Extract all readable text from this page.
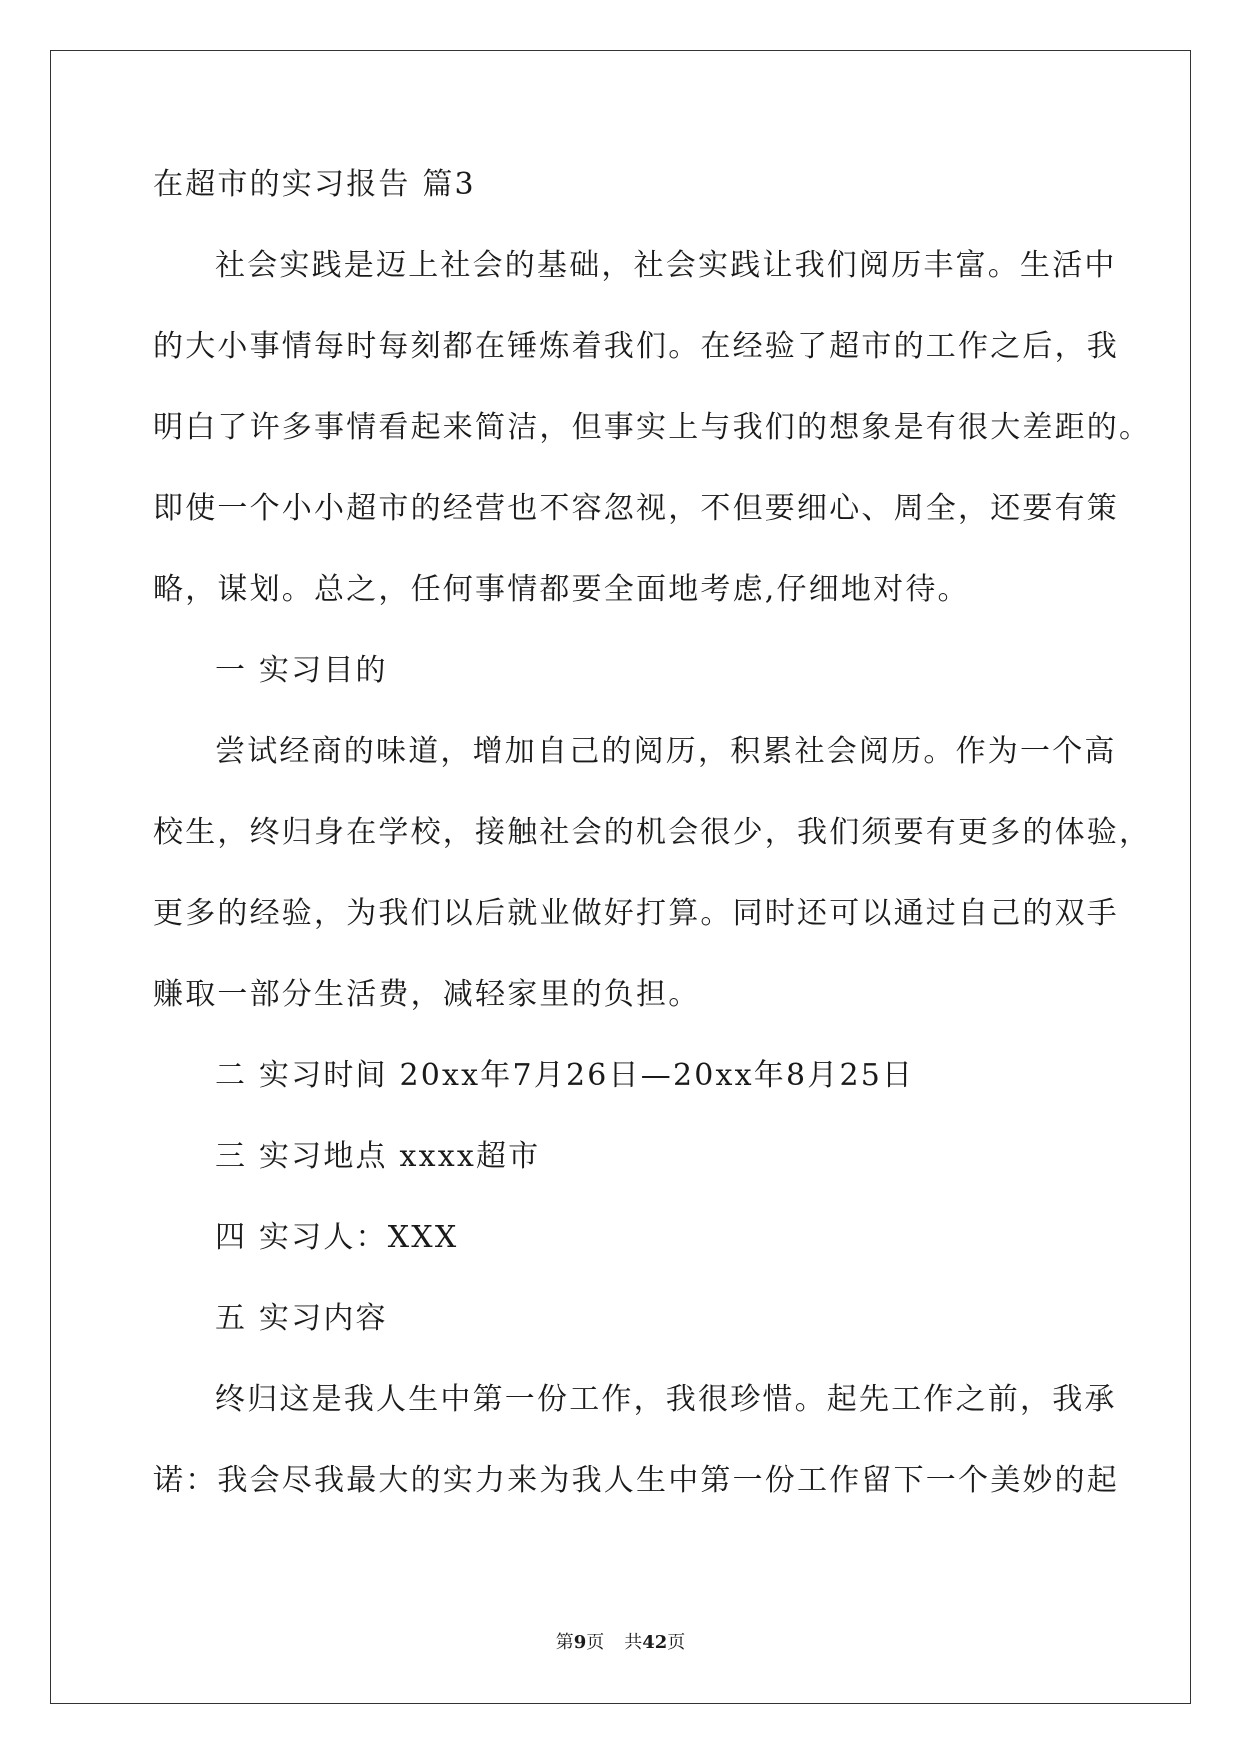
在超市的实习报告 篇3
社会实践是迈上社会的基础，社会实践让我们阅历丰富。生活中
的大小事情每时每刻都在锤炼着我们。在经验了超市的工作之后，我
明白了许多事情看起来简洁，但事实上与我们的想象是有很大差距的。
即使一个小小超市的经营也不容忽视，不但要细心、周全，还要有策
略，谋划。总之，任何事情都要全面地考虑,仔细地对待。
一 实习目的
尝试经商的味道，增加自己的阅历，积累社会阅历。作为一个高
校生，终归身在学校，接触社会的机会很少，我们须要有更多的体验，
更多的经验，为我们以后就业做好打算。同时还可以通过自己的双手
赚取一部分生活费，减轻家里的负担。
二 实习时间 20xx年7月26日—20xx年8月25日
三 实习地点 xxxx超市
四 实习人：XXX
五 实习内容
终归这是我人生中第一份工作，我很珍惜。起先工作之前，我承
诺：我会尽我最大的实力来为我人生中第一份工作留下一个美妙的起
第9页 共42页
